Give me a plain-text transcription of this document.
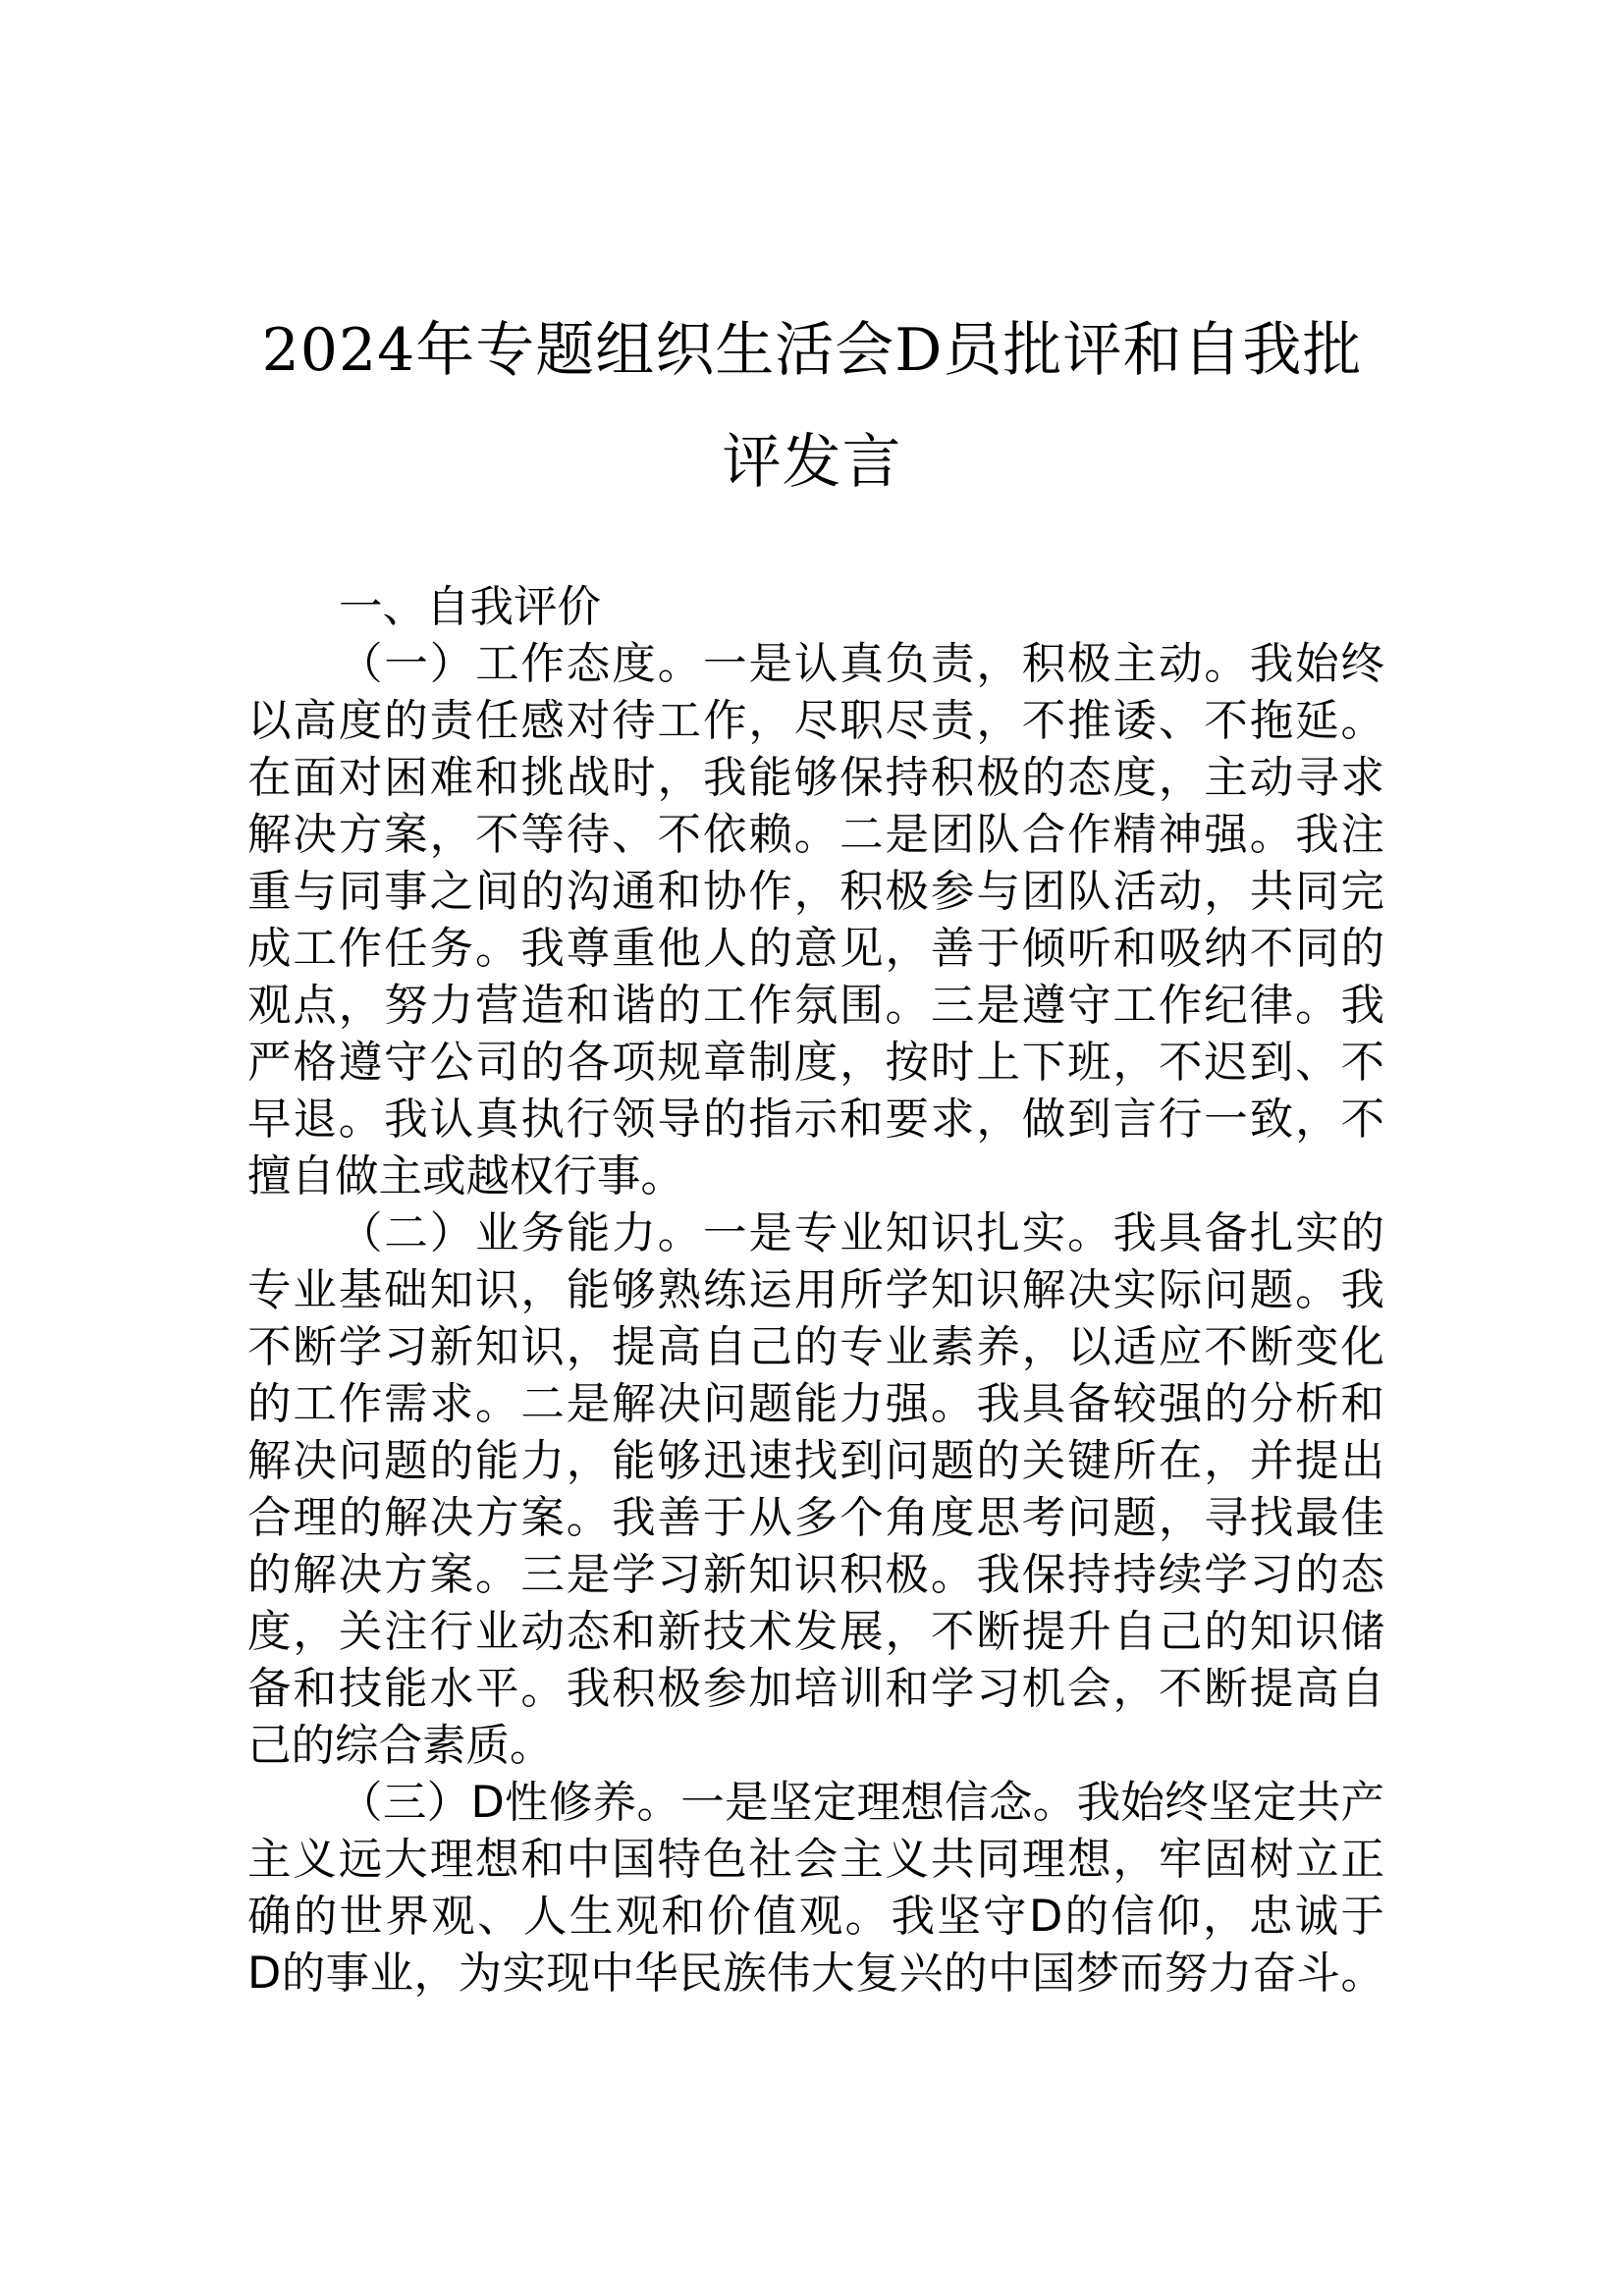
2024年专题组织生活会D员批评和自我批
评发言
一、自我评价
（一）工作态度。一是认真负责，积极主动。我始终
以高度的责任感对待工作，尽职尽责，不推诿、不拖延。
在面对困难和挑战时，我能够保持积极的态度，主动寻求
解决方案，不等待、不依赖。二是团队合作精神强。我注
重与同事之间的沟通和协作，积极参与团队活动，共同完
成工作任务。我尊重他人的意见，善于倾听和吸纳不同的
观点，努力营造和谐的工作氛围。三是遵守工作纪律。我
严格遵守公司的各项规章制度，按时上下班，不迟到、不
早退。我认真执行领导的指示和要求，做到言行一致，不
擅自做主或越权行事。
（二）业务能力。一是专业知识扎实。我具备扎实的
专业基础知识，能够熟练运用所学知识解决实际问题。我
不断学习新知识，提高自己的专业素养，以适应不断变化
的工作需求。二是解决问题能力强。我具备较强的分析和
解决问题的能力，能够迅速找到问题的关键所在，并提出
合理的解决方案。我善于从多个角度思考问题，寻找最佳
的解决方案。三是学习新知识积极。我保持持续学习的态
度，关注行业动态和新技术发展，不断提升自己的知识储
备和技能水平。我积极参加培训和学习机会，不断提高自
己的综合素质。
（三）D性修养。一是坚定理想信念。我始终坚定共产
主义远大理想和中国特色社会主义共同理想，牢固树立正
确的世界观、人生观和价值观。我坚守D的信仰，忠诚于
D的事业，为实现中华民族伟大复兴的中国梦而努力奋斗。
